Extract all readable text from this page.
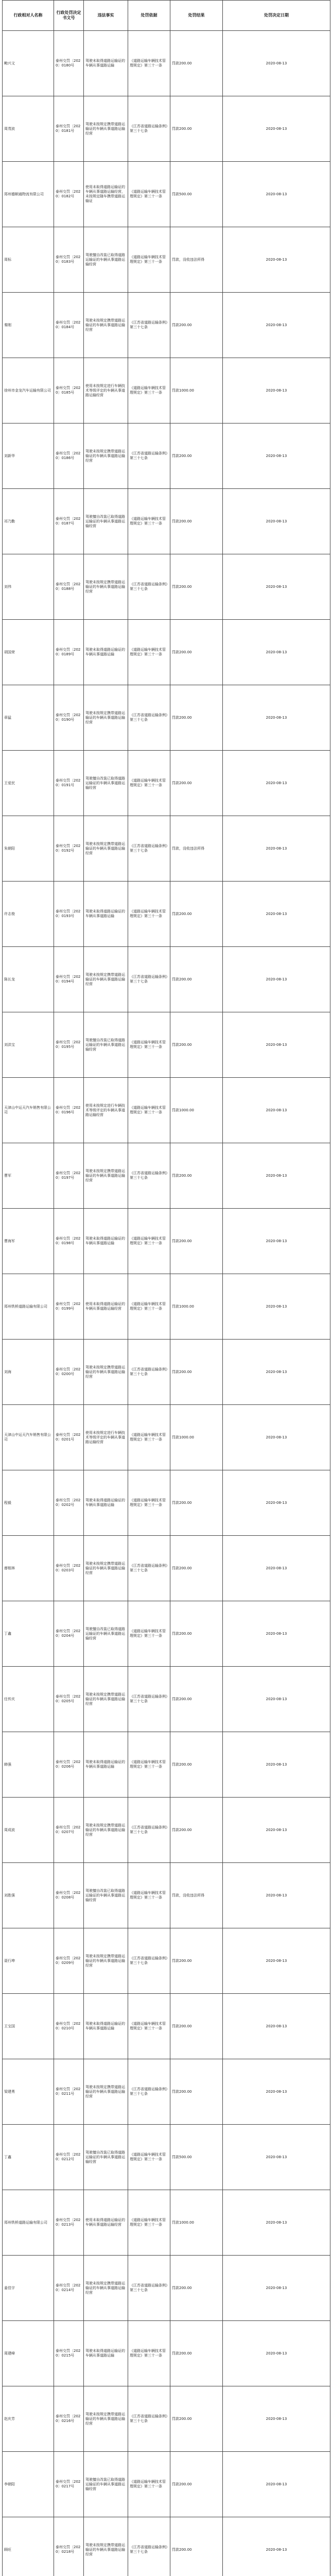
行政相对人名称	行政处罚决定书文号	违法事实	处罚依据	处罚结果	处罚决定日期
鲍兴文	泰州交罚〔2020〕0180号	驾驶未取得道路运输证的车辆从事道路运输	《道路运输车辆技术管理规定》第三十一条	罚款200.00	2020-08-13
周茂波	泰州交罚〔2020〕0181号	驾驶未按规定携带道路运输证的车辆从事道路运输经营	《江苏省道路运输条例》第三十七条	罚款200.00	2020-08-13
郑州德顺通物流有限公司	泰州交罚〔2020〕0182号	使用未取得道路运输证的车辆从事道路运输经营，未按规定随车携带道路运输证	《道路运输车辆技术管理规定》第三十一条	罚款500.00	2020-08-13
周标	泰州交罚〔2020〕0183号	驾驶擅自改装已取得道路运输证的车辆从事道路运输经营	《道路运输车辆技术管理规定》第三十一条	罚款，没收违法所得	2020-08-13
秦刚	泰州交罚〔2020〕0184号	驾驶未按规定携带道路运输证的车辆从事道路运输经营	《江苏省道路运输条例》第三十七条	罚款200.00	2020-08-13
徐州市金龙汽车运输有限公司	泰州交罚〔2020〕0185号	使用未按规定进行车辆技术等级评定的车辆从事道路运输经营	《道路运输车辆技术管理规定》第三十一条	罚款1000.00	2020-08-13
刘新华	泰州交罚〔2020〕0186号	驾驶未按规定携带道路运输证的车辆从事道路运输经营	《江苏省道路运输条例》第三十七条	罚款200.00	2020-08-13
祁乃勤	泰州交罚〔2020〕0187号	驾驶擅自改装已取得道路运输证的车辆从事道路运输经营	《道路运输车辆技术管理规定》第三十一条	罚款200.00	2020-08-13
刘伟	泰州交罚〔2020〕0188号	驾驶未按规定携带道路运输证的车辆从事道路运输经营	《江苏省道路运输条例》第三十七条	罚款200.00	2020-08-13
胡国荣	泰州交罚〔2020〕0189号	驾驶未取得道路运输证的车辆从事道路运输	《道路运输车辆技术管理规定》第三十一条	罚款200.00	2020-08-13
章猛	泰州交罚〔2020〕0190号	驾驶未按规定携带道路运输证的车辆从事道路运输经营	《江苏省道路运输条例》第三十七条	罚款200.00	2020-08-13
王爱民	泰州交罚〔2020〕0191号	驾驶擅自改装已取得道路运输证的车辆从事道路运输经营	《道路运输车辆技术管理规定》第三十一条	罚款200.00	2020-08-13
朱朝阳	泰州交罚〔2020〕0192号	驾驶未按规定携带道路运输证的车辆从事道路运输经营	《江苏省道路运输条例》第三十七条	罚款，没收违法所得	2020-08-13
许志俊	泰州交罚〔2020〕0193号	驾驶未取得道路运输证的车辆从事道路运输	《道路运输车辆技术管理规定》第三十一条	罚款200.00	2020-08-13
陈长龙	泰州交罚〔2020〕0194号	驾驶未按规定携带道路运输证的车辆从事道路运输经营	《江苏省道路运输条例》第三十七条	罚款200.00	2020-08-13
刘洪宝	泰州交罚〔2020〕0195号	驾驶擅自改装已取得道路运输证的车辆从事道路运输经营	《道路运输车辆技术管理规定》第三十一条	罚款200.00	2020-08-13
天津山中运天汽车销售有限公司	泰州交罚〔2020〕0196号	使用未按规定进行车辆技术等级评定的车辆从事道路运输经营	《道路运输车辆技术管理规定》第三十一条	罚款1000.00	2020-08-13
曹军	泰州交罚〔2020〕0197号	驾驶未按规定携带道路运输证的车辆从事道路运输经营	《江苏省道路运输条例》第三十七条	罚款200.00	2020-08-13
曹海军	泰州交罚〔2020〕0198号	驾驶未取得道路运输证的车辆从事道路运输	《道路运输车辆技术管理规定》第三十一条	罚款200.00	2020-08-13
郑州铁桥道路运输有限公司	泰州交罚〔2020〕0199号	使用未取得道路运输证的车辆从事道路运输经营	《道路运输车辆技术管理规定》第三十一条	罚款1000.00	2020-08-13
刘海	泰州交罚〔2020〕0200号	驾驶未按规定携带道路运输证的车辆从事道路运输经营	《江苏省道路运输条例》第三十七条	罚款200.00	2020-08-13
天津山中运天汽车销售有限公司	泰州交罚〔2020〕0201号	使用未按规定进行车辆技术等级评定的车辆从事道路运输经营	《道路运输车辆技术管理规定》第三十一条	罚款1000.00	2020-08-13
程毅	泰州交罚〔2020〕0202号	驾驶未取得道路运输证的车辆从事道路运输	《道路运输车辆技术管理规定》第三十一条	罚款200.00	2020-08-13
廖根林	泰州交罚〔2020〕0203号	驾驶未按规定携带道路运输证的车辆从事道路运输经营	《江苏省道路运输条例》第三十七条	罚款200.00	2020-08-13
丁鑫	泰州交罚〔2020〕0204号	驾驶擅自改装已取得道路运输证的车辆从事道路运输经营	《道路运输车辆技术管理规定》第三十一条	罚款200.00	2020-08-13
任传庆	泰州交罚〔2020〕0205号	驾驶未按规定携带道路运输证的车辆从事道路运输经营	《江苏省道路运输条例》第三十七条	罚款200.00	2020-08-13
韩强	泰州交罚〔2020〕0206号	驾驶未取得道路运输证的车辆从事道路运输	《道路运输车辆技术管理规定》第三十一条	罚款200.00	2020-08-13
周成波	泰州交罚〔2020〕0207号	驾驶未按规定携带道路运输证的车辆从事道路运输经营	《江苏省道路运输条例》第三十七条	罚款200.00	2020-08-13
刘胜强	泰州交罚〔2020〕0208号	驾驶擅自改装已取得道路运输证的车辆从事道路运输经营	《道路运输车辆技术管理规定》第三十一条	罚款，没收违法所得	2020-08-13
聂行坤	泰州交罚〔2020〕0209号	驾驶未按规定携带道路运输证的车辆从事道路运输经营	《江苏省道路运输条例》第三十七条	罚款200.00	2020-08-13
王宝国	泰州交罚〔2020〕0210号	驾驶未取得道路运输证的车辆从事道路运输	《道路运输车辆技术管理规定》第三十一条	罚款200.00	2020-08-13
梁建勇	泰州交罚〔2020〕0211号	驾驶未按规定携带道路运输证的车辆从事道路运输经营	《江苏省道路运输条例》第三十七条	罚款200.00	2020-08-13
丁鑫	泰州交罚〔2020〕0212号	驾驶擅自改装已取得道路运输证的车辆从事道路运输经营	《道路运输车辆技术管理规定》第三十一条	罚款500.00	2020-08-13
郑州铁桥道路运输有限公司	泰州交罚〔2020〕0213号	使用未取得道路运输证的车辆从事道路运输经营	《道路运输车辆技术管理规定》第三十一条	罚款1000.00	2020-08-13
姜佳宇	泰州交罚〔2020〕0214号	驾驶未按规定携带道路运输证的车辆从事道路运输经营	《江苏省道路运输条例》第三十七条	罚款200.00	2020-08-13
周建峰	泰州交罚〔2020〕0215号	驾驶未取得道路运输证的车辆从事道路运输	《道路运输车辆技术管理规定》第三十一条	罚款200.00	2020-08-13
赵庆芳	泰州交罚〔2020〕0216号	驾驶未按规定携带道路运输证的车辆从事道路运输经营	《江苏省道路运输条例》第三十七条	罚款200.00	2020-08-13
李朝阳	泰州交罚〔2020〕0217号	驾驶擅自改装已取得道路运输证的车辆从事道路运输经营	《道路运输车辆技术管理规定》第三十一条	罚款200.00	2020-08-13
顾旺	泰州交罚〔2020〕0218号	驾驶未按规定携带道路运输证的车辆从事道路运输经营	《江苏省道路运输条例》第三十七条	罚款200.00	2020-08-13
